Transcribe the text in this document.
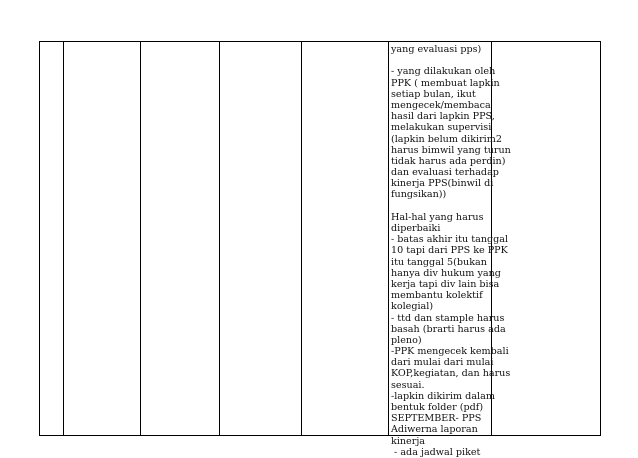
yang evaluasi pps)
- yang dilakukan oleh
PPK ( membuat lapkin
setiap bulan, ikut
mengecek/membaca
hasil dari lapkin PPS,
melakukan supervisi
(lapkin belum dikirim2
harus bimwil yang turun
tidak harus ada perdin)
dan evaluasi terhadap
kinerja PPS(binwil di
fungsikan))
Hal-hal yang harus
diperbaiki
- batas akhir itu tanggal
10 tapi dari PPS ke PPK
itu tanggal 5(bukan
hanya div hukum yang
kerja tapi div lain bisa
membantu kolektif
kolegial)
- ttd dan stample harus
basah (brarti harus ada
pleno)
-PPK mengecek kembali
dari mulai dari mulai
KOP,kegiatan, dan harus
sesuai.
-lapkin dikirim dalam
bentuk folder (pdf)
SEPTEMBER- PPS
Adiwerna laporan
kinerja
- ada jadwal piket
